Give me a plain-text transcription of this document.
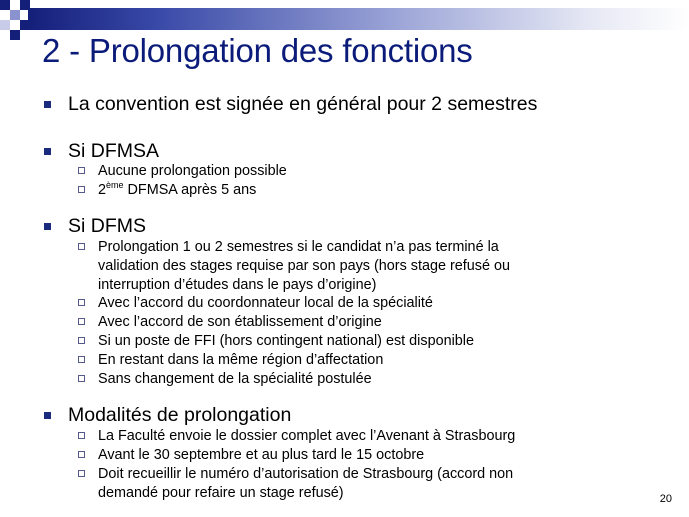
2 - Prolongation des fonctions
La convention est signée en général pour 2 semestres
Si DFMSA
Aucune prolongation possible
2ème DFMSA après 5 ans
Si DFMS
Prolongation 1 ou 2 semestres si le candidat n’a pas terminé la
validation des stages requise par son pays (hors stage refusé ou
interruption d’études dans le pays d’origine)
Avec l’accord du coordonnateur local de la spécialité
Avec l’accord de son établissement d’origine
Si un poste de FFI (hors contingent national) est disponible
En restant dans la même région d’affectation
Sans changement de la spécialité postulée
Modalités de prolongation
La Faculté envoie le dossier complet avec l’Avenant à Strasbourg
Avant le 30 septembre et au plus tard le 15 octobre
Doit recueillir le numéro d’autorisation de Strasbourg (accord non
demandé pour refaire un stage refusé)	20
